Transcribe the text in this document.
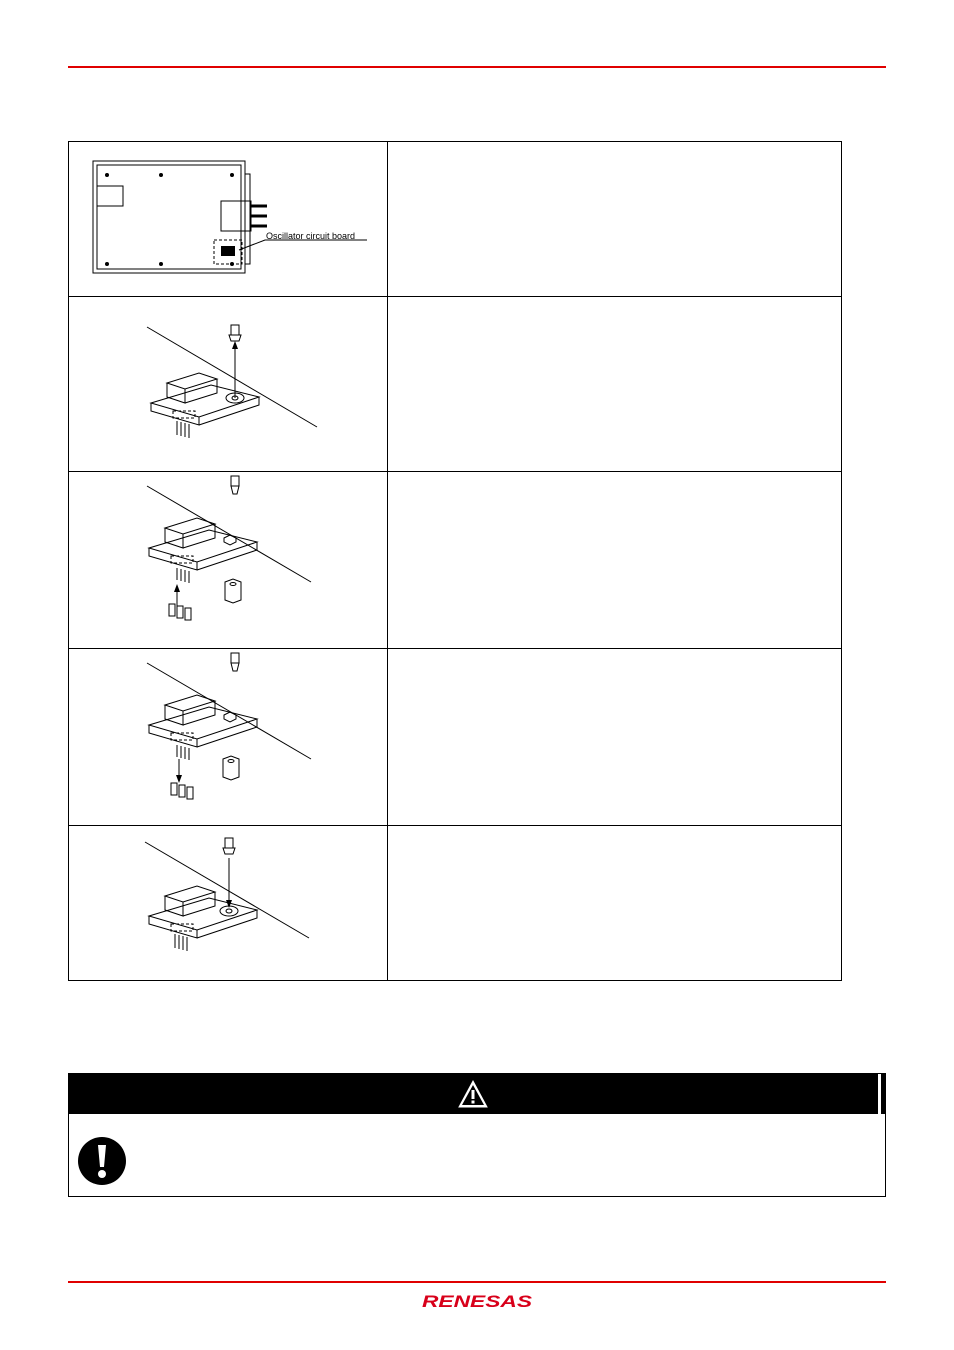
Oscillator circuit board	

RENESAS
